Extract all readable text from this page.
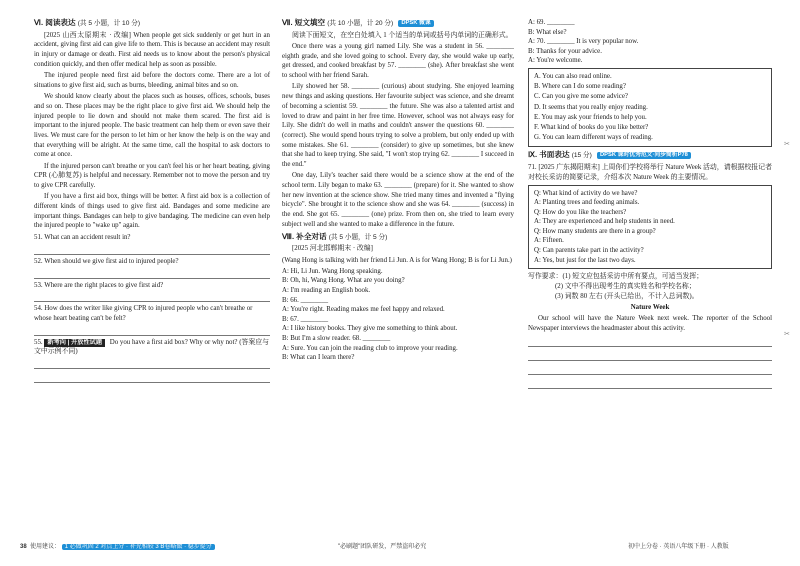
Ⅵ. 阅读表达 (共 5 小题，计 10 分)
[2025 山西太原期末 · 改编] When people get sick suddenly or get hurt in an accident, giving first aid can give life to them. This is because an accident may result in injury or damage or death. First aid needs us to know about the person's physical condition quickly, and then offer medical help as soon as possible.
The injured people need first aid before the doctors come. There are a lot of situations to give first aid, such as burns, bleeding, animal bites and so on.
We should know clearly about the places such as houses, offices, schools, buses and so on. These places may be the right place to give first aid. We should help the injured people to lie down and should not make them scared. The first aid is important to the injured people. The basic treatment can help them or even save their lives. We must care for the person to let him or her know the help is on the way and that everything will be alright. At the same time, call the hospital to ask doctors to come at once.
If the injured person can't breathe or you can't feel his or her heart beating, giving CPR (心肺复苏) is helpful and necessary. Remember not to move the person and try to give CPR carefully.
If you have a first aid box, things will be better. A first aid box is a collection of different kinds of things used to give first aid. Bandages and some medicine are important things. Bandages can help to give bandaging. The medicine can even help the injured people to "wake up" again.
51. What can an accident result in?
52. When should we give first aid to injured people?
53. Where are the right places to give first aid?
54. How does the writer like giving CPR to injured people who can't breathe or whose heart beating can't be felt?
55. 新考向 | 开放性试题 Do you have a first aid box? Why or why not? (答案应与文中示例不同)
Ⅶ. 短文填空 (共 10 小题，计 20 分) DPSK 微课
阅读下面短文，在空白处填入 1 个适当的单词或括号内单词的正确形式。
Once there was a young girl named Lily. She was a student in 56. ________ eighth grade, and she loved going to school. Every day, she would wake up early, get dressed, and cooked breakfast by 57. ________ (she). After breakfast she went to school with her friend Sarah.
Lily showed her 58. ________ (curious) about studying. She enjoyed learning new things and asking questions. Her favourite subject was science, and she dreamt of becoming a scientist 59. ________ the future. She was also a talented artist and loved to draw and paint in her free time. However, school was not always easy for Lily. She didn't do well in maths and couldn't answer the questions 60. ________ (correct). She would spend hours trying to solve a problem, but only ended up with some mistakes. She 61. ________ (consider) to give up sometimes, but she knew that she had to keep trying. She said, "I won't stop trying 62. ________ I succeed in the end."
One day, Lily's teacher said there would be a science show at the end of the school term. Lily began to make 63. ________ (prepare) for it. She wanted to show her new invention at the science show. She tried many times and invented a "flying bicycle". She brought it to the science show and she was 64. ________ (success) in the end. She got 65. ________ (one) prize. From then on, she tried to learn every subject well and she wanted to make a difference in the future.
Ⅷ. 补全对话 (共 5 小题，计 5 分)
[2025 河北邯郸期末 · 改编]
(Wang Hong is talking with her friend Li Jun. A is for Wang Hong; B is for Li Jun.)
A: Hi, Li Jun. Wang Hong speaking.
B: Oh, hi, Wang Hong. What are you doing?
A: I'm reading an English book.
B: 66. ________
A: You're right. Reading makes me feel happy and relaxed.
B: 67. ________
A: I like history books. They give me something to think about.
B: But I'm a slow reader. 68. ________
A: Sure. You can join the reading club to improve your reading.
B: What can I learn there?
A: 69. ________
B: What else?
A: 70. ________ It is very popular now.
B: Thanks for your advice.
A: You're welcome.
A. You can also read online.
B. Where can I do some reading?
C. Can you give me some advice?
D. It seems that you really enjoy reading.
E. You may ask your friends to help you.
F. What kind of books do you like better?
G. You can learn different ways of reading.
Ⅸ. 书面表达 (15 分) DPSK 课时优秀范文·同步简析P78
71. [2025 广东揭阳期末] 上周你们学校将举行 Nature Week 活动，请根据校报记者对校长采访的简要记录，介绍本次 Nature Week 的主要情况。
Q: What kind of activity do we have?
A: Planting trees and feeding animals.
Q: How do you like the teachers?
A: They are experienced and help students in need.
Q: How many students are there in a group?
A: Fifteen.
Q: Can parents take part in the activity?
A: Yes, but just for the last two days.
写作要求：(1) 短文应包括采访中所有要点，可适当发挥；
(2) 文中不得出现考生的真实姓名和学校名称；
(3) 词数 80 左右 (开头已给出，不计入总词数)。
Nature Week
Our school will have the Nature Week next week. The reporter of the School Newspaper interviews the headmaster about this activity.
✂
✂
38 使用建议： 1 必做巩固 2 对点上分 · 补充相较 3 B卷略做 · 稳步提分	"必刷题"团队研发，严禁盗印必究	初中上分卷 · 英语八年级下册 · 人教版
